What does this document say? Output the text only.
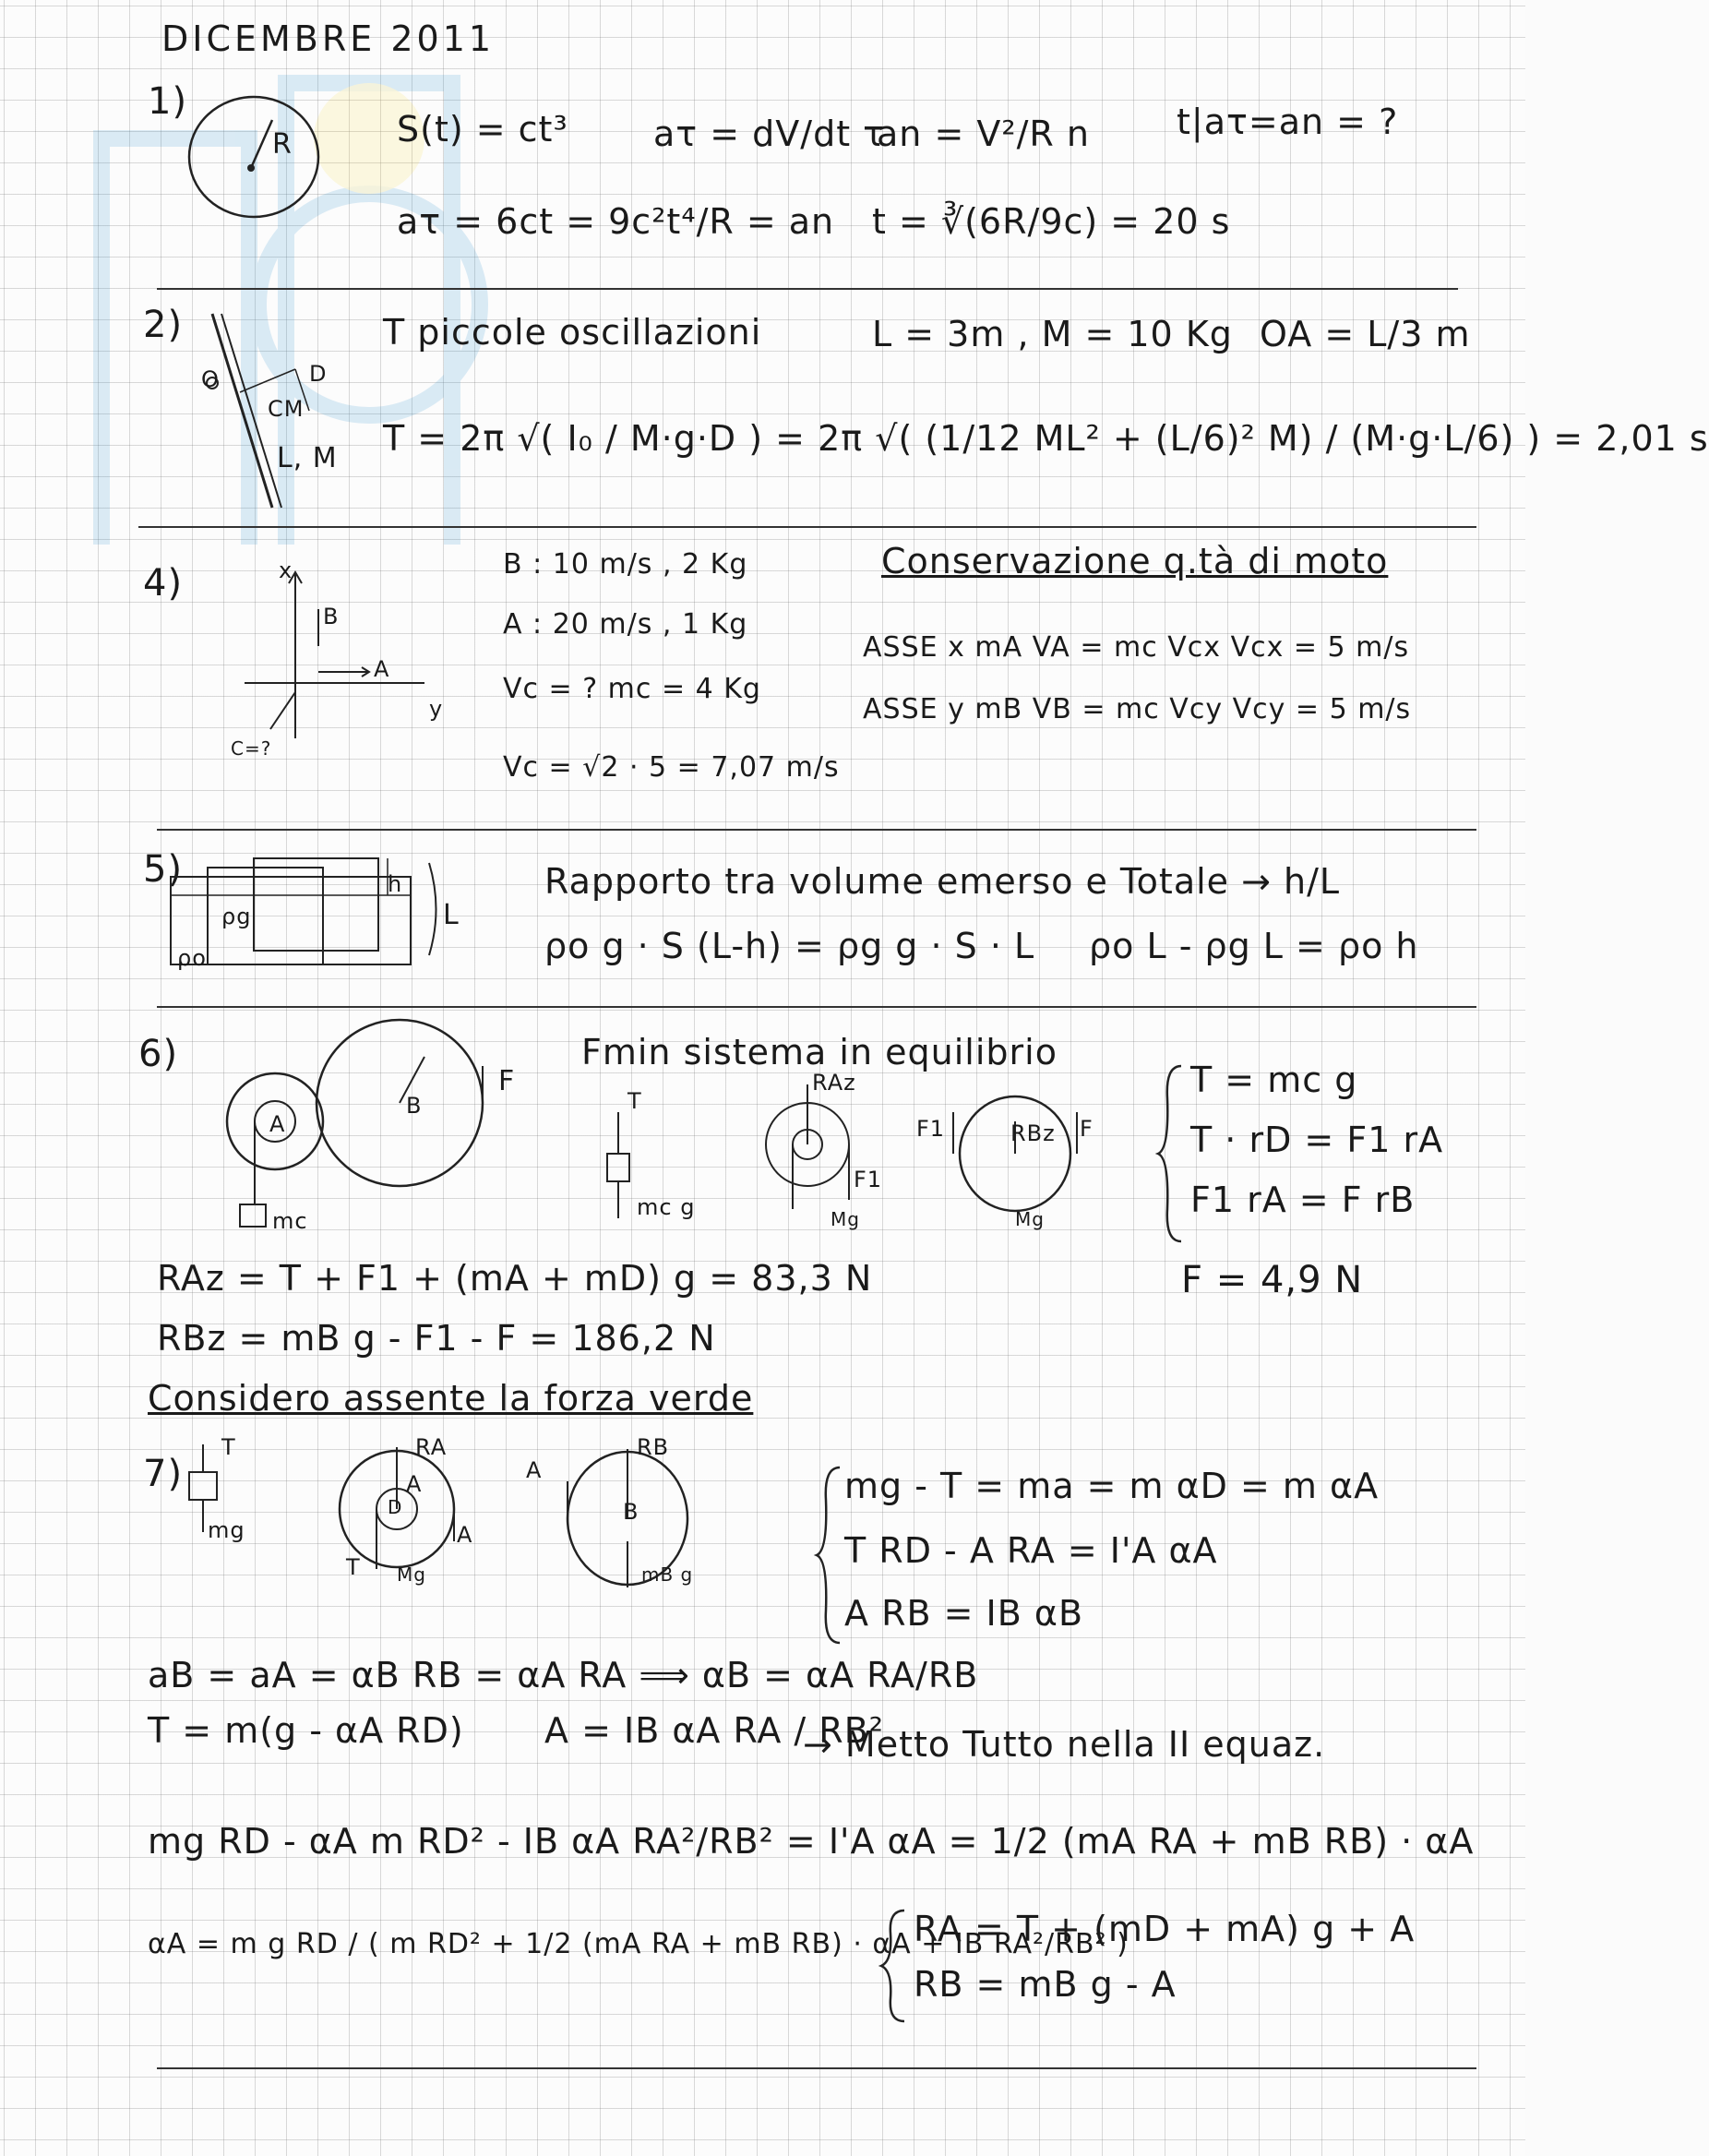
DICEMBRE 2011
1)
R	S(t) = ct³ aτ = dV/dt τ
an = V²/R n t|aτ=an = ?
aτ = 6ct = 9c²t⁴/R = an t = ∛(6R/9c) = 20 s
2)
O	D
CM
L, M
T piccole oscillazioni	L = 3m , M = 10 Kg OA = L/3 m
T = 2π √( I₀ / M·g·D ) = 2π √( (1/12 ML² + (L/6)² M) / (M·g·L/6) ) = 2,01 s
4)	x
B
A
y
C=?
B : 10 m/s , 2 Kg
A : 20 m/s , 1 Kg
Vc = ? mc = 4 Kg
Vc = √2 · 5 = 7,07 m/s
Conservazione q.tà di moto
ASSE x mA VA = mc Vcx Vcx = 5 m/s
ASSE y mB VB = mc Vcy Vcy = 5 m/s
5)
ρg
ρo
h
L
Rapporto tra volume emerso e Totale → h/L
ρo g · S (L-h) = ρg g · S · L ρo L - ρg L = ρo h
6)
A
B
F
mc
T
mc g
RAz
F1
Mg
RBz
F1	F
Mg
Fmin sistema in equilibrio
T = mc g
T · rD = F1 rA
F1 rA = F rB
RAz = T + F1 + (mA + mD) g = 83,3 N
RBz = mB g - F1 - F = 186,2 N
F = 4,9 N
Considero assente la forza verde
7)
T
mg
RA
A
D
T Mg
A
A
RB
B
mB g
mg - T = ma = m αD = m αA
T RD - A RA = I'A αA
A RB = IB αB
aB = aA = αB RB = αA RA ⟹ αB = αA RA/RB
T = m(g - αA RD) A = IB αA RA / RB²
→ Metto Tutto nella II equaz.
mg RD - αA m RD² - IB αA RA²/RB² = I'A αA = 1/2 (mA RA + mB RB) · αA
αA = m g RD / ( m RD² + 1/2 (mA RA + mB RB) · αA + IB RA²/RB² )
RA = T + (mD + mA) g + A
RB = mB g - A
